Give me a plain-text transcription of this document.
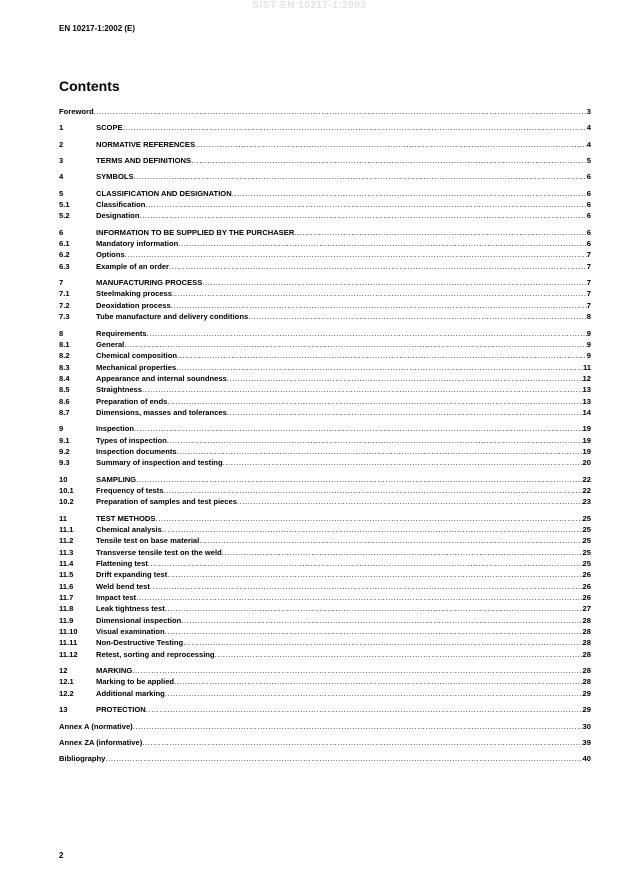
SIST EN 10217-1:2003
EN 10217-1:2002 (E)
Contents
Foreword .....	3
1	SCOPE .....	4
2	NORMATIVE REFERENCES .....	4
3	TERMS AND DEFINITIONS .....	5
4	SYMBOLS .....	6
5	CLASSIFICATION AND DESIGNATION .....	6
5.1	Classification .....	6
5.2	Designation .....	6
6	INFORMATION TO BE SUPPLIED BY THE PURCHASER .....	6
6.1	Mandatory information .....	6
6.2	Options .....	7
6.3	Example of an order .....	7
7	MANUFACTURING PROCESS .....	7
7.1	Steelmaking process .....	7
7.2	Deoxidation process .....	7
7.3	Tube manufacture and delivery conditions .....	8
8	Requirements .....	9
8.1	General .....	9
8.2	Chemical composition .....	9
8.3	Mechanical properties .....	11
8.4	Appearance and internal soundness .....	12
8.5	Straightness .....	13
8.6	Preparation of ends .....	13
8.7	Dimensions, masses and tolerances .....	14
9	Inspection .....	19
9.1	Types of inspection .....	19
9.2	Inspection documents .....	19
9.3	Summary of inspection and testing .....	20
10	SAMPLING .....	22
10.1	Frequency of tests .....	22
10.2	Preparation of samples and test pieces .....	23
11	TEST METHODS .....	25
11.1	Chemical analysis .....	25
11.2	Tensile test on base material .....	25
11.3	Transverse tensile test on the weld .....	25
11.4	Flattening test .....	25
11.5	Drift expanding test .....	26
11.6	Weld bend test .....	26
11.7	Impact test .....	26
11.8	Leak tightness test .....	27
11.9	Dimensional inspection .....	28
11.10	Visual examination .....	28
11.11	Non-Destructive Testing .....	28
11.12	Retest, sorting and reprocessing .....	28
12	MARKING .....	28
12.1	Marking to be applied .....	28
12.2	Additional marking .....	29
13	PROTECTION .....	29
Annex A (normative) .....	30
Annex ZA (informative) .....	39
Bibliography .....	40
2
